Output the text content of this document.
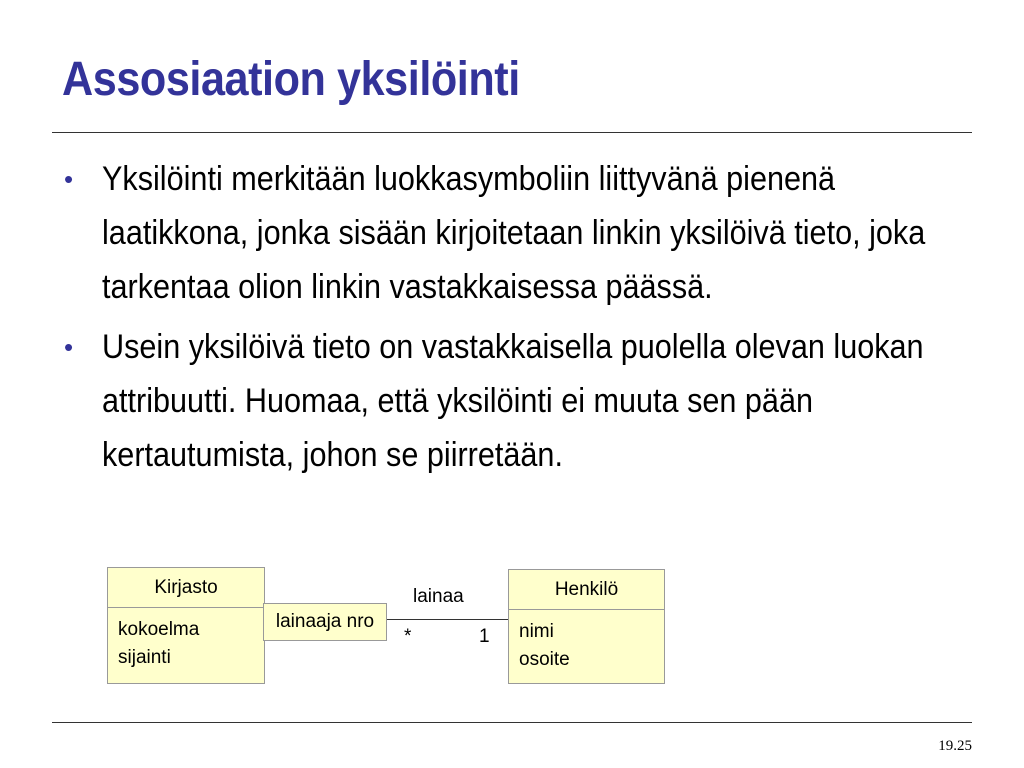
Assosiaation yksilöinti
• Yksilöinti merkitään luokkasymboliin liittyvänä pienenä laatikkona, jonka sisään kirjoitetaan linkin yksilöivä tieto, joka tarkentaa olion linkin vastakkaisessa päässä.
• Usein yksilöivä tieto on vastakkaisella puolella olevan luokan attribuutti. Huomaa, että yksilöinti ei muuta sen pään kertautumista, johon se piirretään.
Kirjasto
kokoelma
sijainti
lainaaja nro
lainaa
*	1
Henkilö
nimi
osoite
19.25
